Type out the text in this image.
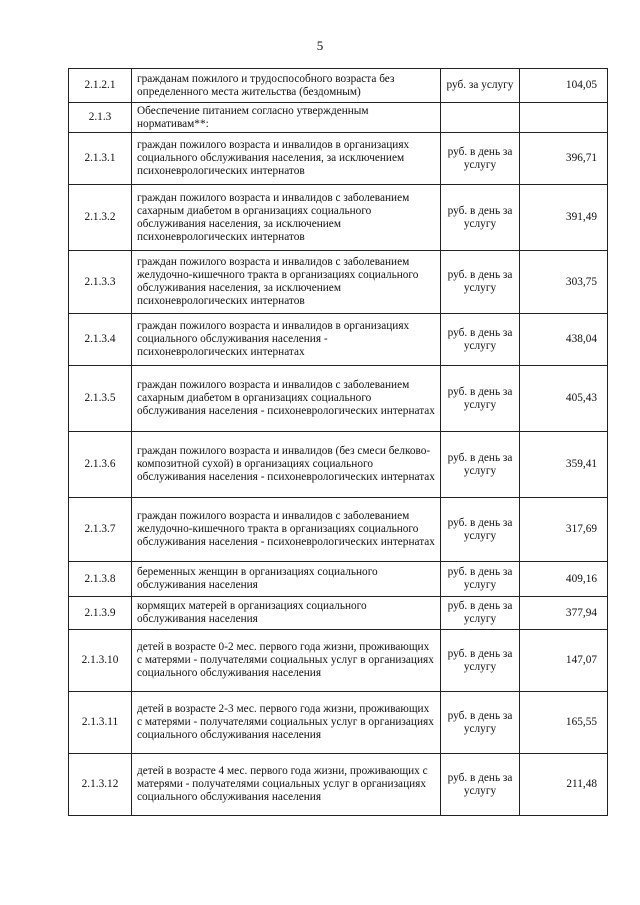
5
2.1.2.1	гражданам пожилого и трудоспособного возраста без определенного места жительства (бездомным)	руб. за услугу	104,05
2.1.3	Обеспечение питанием согласно утвержденным нормативам**:		
2.1.3.1	граждан пожилого возраста и инвалидов в организациях социального обслуживания населения, за исключением психоневрологических интернатов	руб. в день за услугу	396,71
2.1.3.2	граждан пожилого возраста и инвалидов с заболеванием сахарным диабетом в организациях социального обслуживания населения, за исключением психоневрологических интернатов	руб. в день за услугу	391,49
2.1.3.3	граждан пожилого возраста и инвалидов с заболеванием желудочно-кишечного тракта в организациях социального обслуживания населения, за исключением психоневрологических интернатов	руб. в день за услугу	303,75
2.1.3.4	граждан пожилого возраста и инвалидов в организациях социального обслуживания населения - психоневрологических интернатах	руб. в день за услугу	438,04
2.1.3.5	граждан пожилого возраста и инвалидов с заболеванием сахарным диабетом в организациях социального обслуживания населения - психоневрологических интернатах	руб. в день за услугу	405,43
2.1.3.6	граждан пожилого возраста и инвалидов (без смеси белково-композитной сухой) в организациях социального обслуживания населения - психоневрологических интернатах	руб. в день за услугу	359,41
2.1.3.7	граждан пожилого возраста и инвалидов с заболеванием желудочно-кишечного тракта в организациях социального обслуживания населения - психоневрологических интернатах	руб. в день за услугу	317,69
2.1.3.8	беременных женщин в организациях социального обслуживания населения	руб. в день за услугу	409,16
2.1.3.9	кормящих матерей в организациях социального обслуживания населения	руб. в день за услугу	377,94
2.1.3.10	детей в возрасте 0-2 мес. первого года жизни, проживающих с матерями - получателями социальных услуг в организациях социального обслуживания населения	руб. в день за услугу	147,07
2.1.3.11	детей в возрасте 2-3 мес. первого года жизни, проживающих с матерями - получателями социальных услуг в организациях социального обслуживания населения	руб. в день за услугу	165,55
2.1.3.12	детей в возрасте 4 мес. первого года жизни, проживающих с матерями - получателями социальных услуг в организациях социального обслуживания населения	руб. в день за услугу	211,48
